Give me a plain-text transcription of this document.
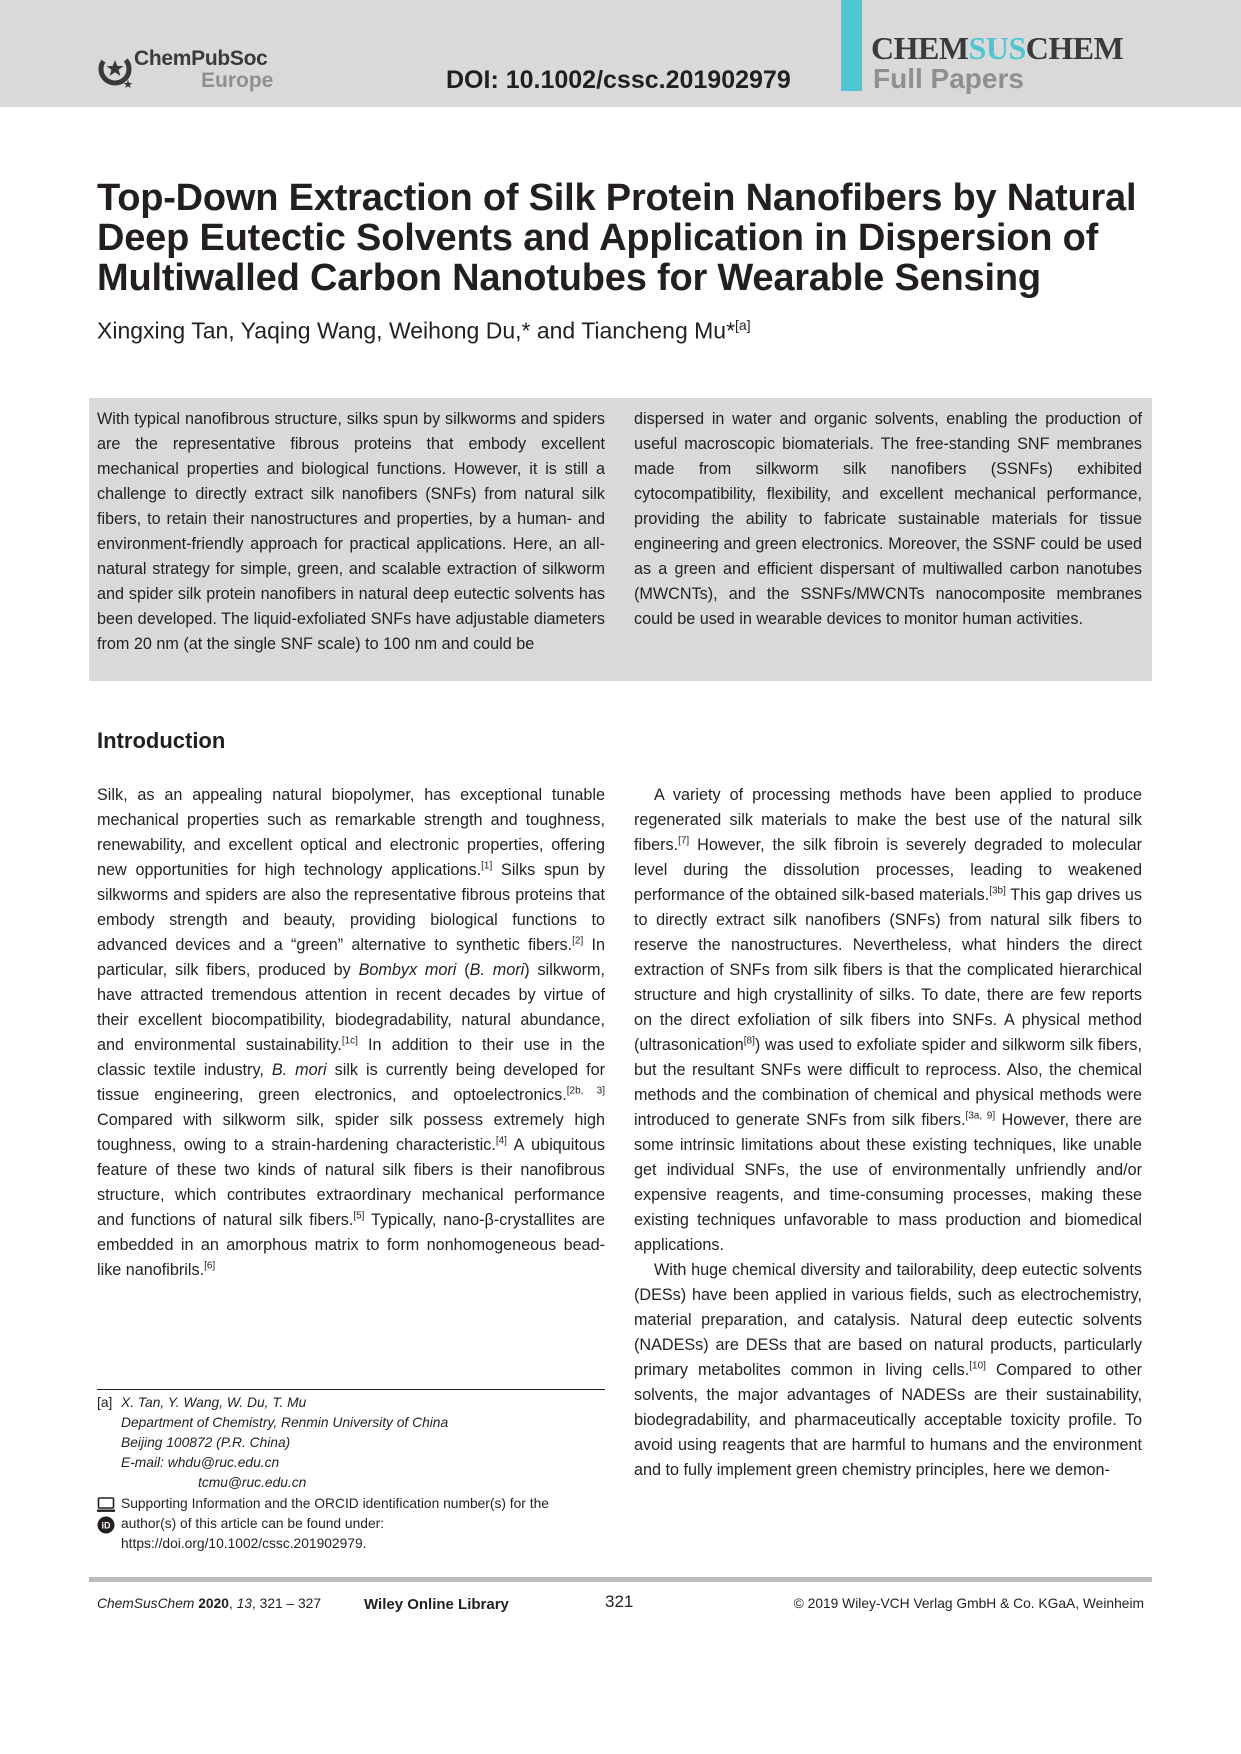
ChemPubSoc
Europe	DOI: 10.1002/cssc.201902979
CHEMSUSCHEM
Full Papers
Top-Down Extraction of Silk Protein Nanofibers by Natural Deep Eutectic Solvents and Application in Dispersion of Multiwalled Carbon Nanotubes for Wearable Sensing
Xingxing Tan, Yaqing Wang, Weihong Du,* and Tiancheng Mu*[a]

With typical nanofibrous structure, silks spun by silkworms and spiders are the representative fibrous proteins that embody excellent mechanical properties and biological functions. However, it is still a challenge to directly extract silk nanofibers (SNFs) from natural silk fibers, to retain their nanostructures and properties, by a human- and environment-friendly approach for practical applications. Here, an all-natural strategy for simple, green, and scalable extraction of silkworm and spider silk protein nanofibers in natural deep eutectic solvents has been developed. The liquid-exfoliated SNFs have adjustable diameters from 20 nm (at the single SNF scale) to 100 nm and could be

dispersed in water and organic solvents, enabling the production of useful macroscopic biomaterials. The free-standing SNF membranes made from silkworm silk nanofibers (SSNFs) exhibited cytocompatibility, flexibility, and excellent mechanical performance, providing the ability to fabricate sustainable materials for tissue engineering and green electronics. Moreover, the SSNF could be used as a green and efficient dispersant of multiwalled carbon nanotubes (MWCNTs), and the SSNFs/MWCNTs nanocomposite membranes could be used in wearable devices to monitor human activities.

Introduction

Silk, as an appealing natural biopolymer, has exceptional tunable mechanical properties such as remarkable strength and toughness, renewability, and excellent optical and electronic properties, offering new opportunities for high technology applications.[1] Silks spun by silkworms and spiders are also the representative fibrous proteins that embody strength and beauty, providing biological functions to advanced devices and a “green” alternative to synthetic fibers.[2] In particular, silk fibers, produced by Bombyx mori (B. mori) silkworm, have attracted tremendous attention in recent decades by virtue of their excellent biocompatibility, biodegradability, natural abundance, and environmental sustainability.[1c] In addition to their use in the classic textile industry, B. mori silk is currently being developed for tissue engineering, green electronics, and optoelectronics.[2b, 3] Compared with silkworm silk, spider silk possess extremely high toughness, owing to a strain-hardening characteristic.[4] A ubiquitous feature of these two kinds of natural silk fibers is their nanofibrous structure, which contributes extraordinary mechanical performance and functions of natural silk fibers.[5] Typically, nano-β-crystallites are embedded in an amorphous matrix to form nonhomogeneous bead-like nanofibrils.[6]

A variety of processing methods have been applied to produce regenerated silk materials to make the best use of the natural silk fibers.[7] However, the silk fibroin is severely degraded to molecular level during the dissolution processes, leading to weakened performance of the obtained silk-based materials.[3b] This gap drives us to directly extract silk nanofibers (SNFs) from natural silk fibers to reserve the nanostructures. Nevertheless, what hinders the direct extraction of SNFs from silk fibers is that the complicated hierarchical structure and high crystallinity of silks. To date, there are few reports on the direct exfoliation of silk fibers into SNFs. A physical method (ultrasonication[8]) was used to exfoliate spider and silkworm silk fibers, but the resultant SNFs were difficult to reprocess. Also, the chemical methods and the combination of chemical and physical methods were introduced to generate SNFs from silk fibers.[3a, 9] However, there are some intrinsic limitations about these existing techniques, like unable get individual SNFs, the use of environmentally unfriendly and/or expensive reagents, and time-consuming processes, making these existing techniques unfavorable to mass production and biomedical applications.

With huge chemical diversity and tailorability, deep eutectic solvents (DESs) have been applied in various fields, such as electrochemistry, material preparation, and catalysis. Natural deep eutectic solvents (NADESs) are DESs that are based on natural products, particularly primary metabolites common in living cells.[10] Compared to other solvents, the major advantages of NADESs are their sustainability, biodegradability, and pharmaceutically acceptable toxicity profile. To avoid using reagents that are harmful to humans and the environment and to fully implement green chemistry principles, here we demon-

[a] X. Tan, Y. Wang, W. Du, T. Mu
Department of Chemistry, Renmin University of China
Beijing 100872 (P.R. China)
E-mail: whdu@ruc.edu.cn
tcmu@ruc.edu.cn
iD
Supporting Information and the ORCID identification number(s) for the author(s) of this article can be found under: https://doi.org/10.1002/cssc.201902979.
ChemSusChem 2020, 13, 321 – 327	Wiley Online Library	321	© 2019 Wiley-VCH Verlag GmbH & Co. KGaA, Weinheim
